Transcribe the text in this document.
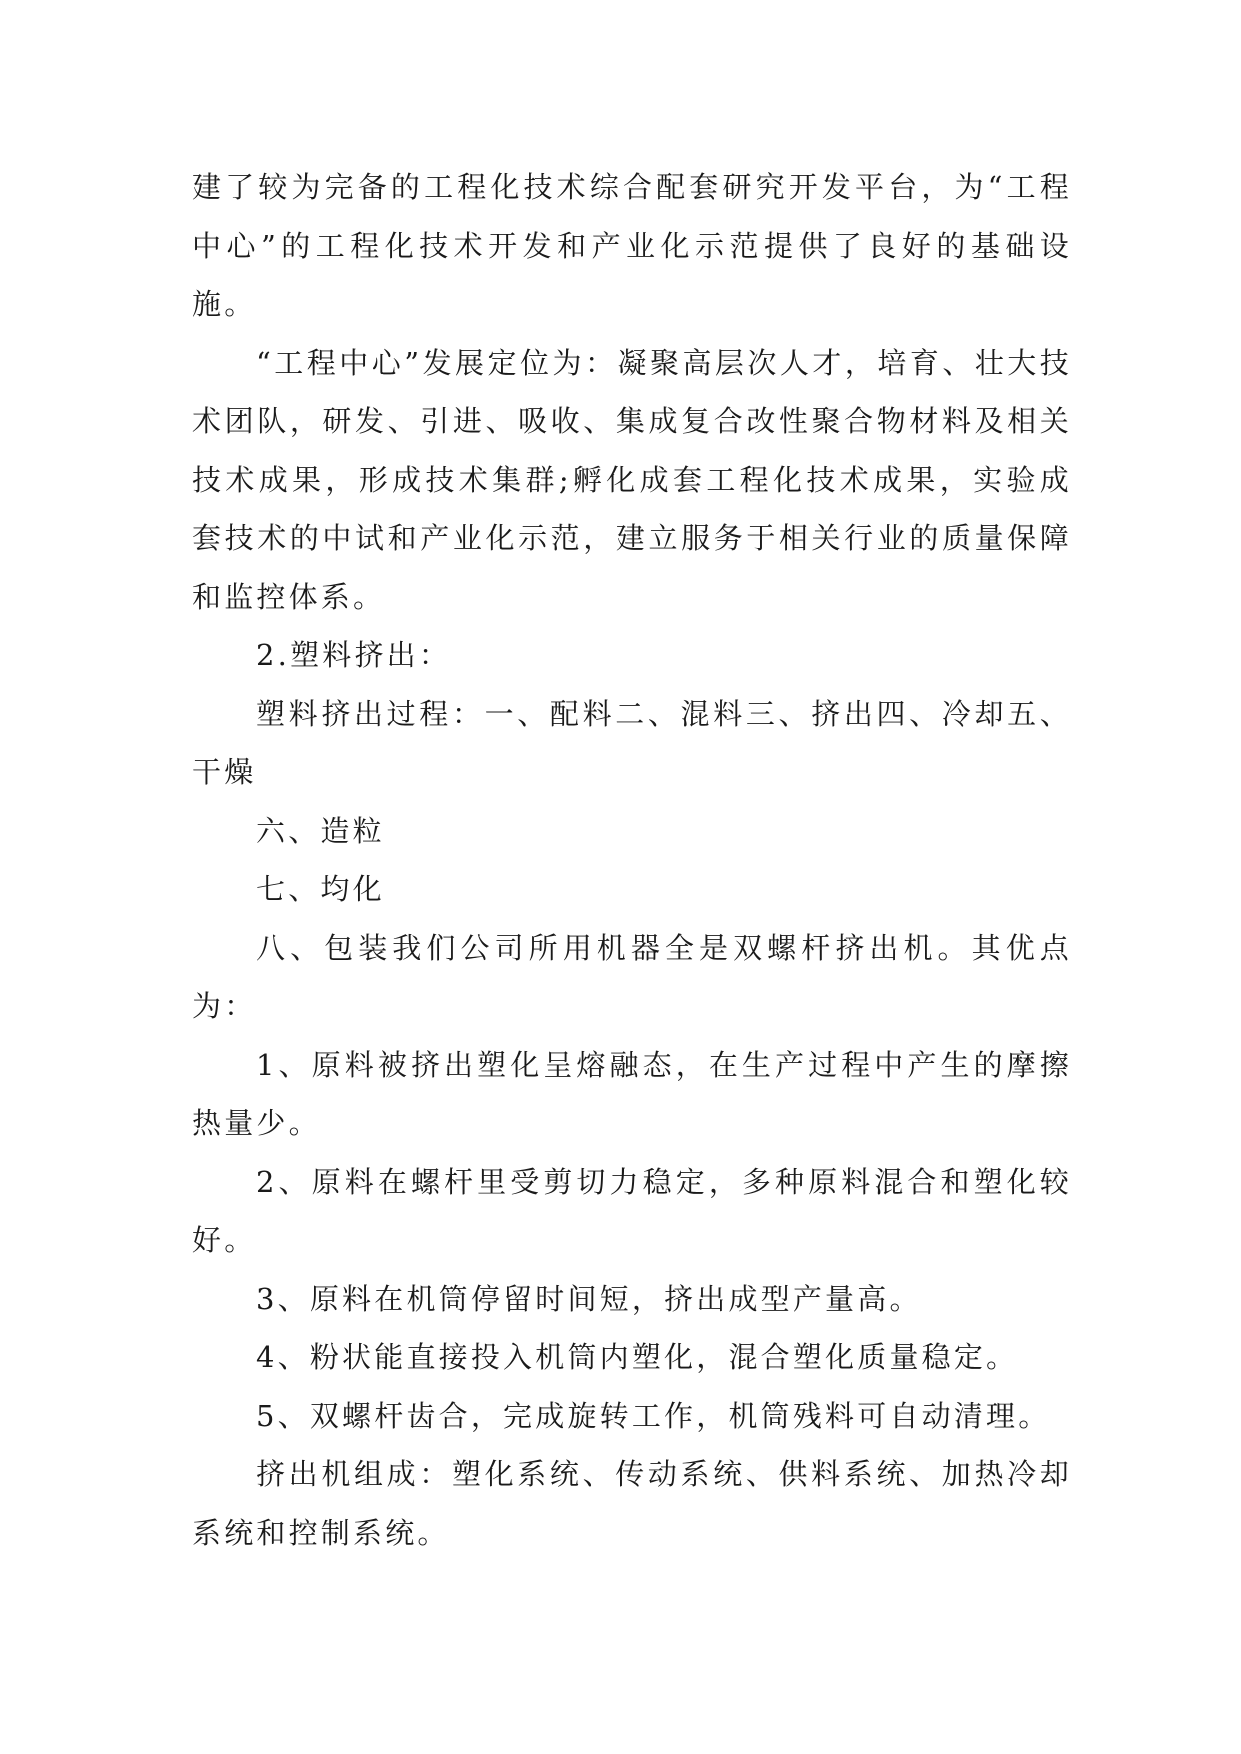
建了较为完备的工程化技术综合配套研究开发平台，为“工程中心”的工程化技术开发和产业化示范提供了良好的基础设施。

“工程中心”发展定位为：凝聚高层次人才，培育、壮大技术团队，研发、引进、吸收、集成复合改性聚合物材料及相关技术成果，形成技术集群;孵化成套工程化技术成果，实验成套技术的中试和产业化示范，建立服务于相关行业的质量保障和监控体系。

2.塑料挤出：

塑料挤出过程：一、配料二、混料三、挤出四、冷却五、干燥

六、造粒

七、均化

八、包装我们公司所用机器全是双螺杆挤出机。其优点为：

1、原料被挤出塑化呈熔融态，在生产过程中产生的摩擦热量少。

2、原料在螺杆里受剪切力稳定，多种原料混合和塑化较好。

3、原料在机筒停留时间短，挤出成型产量高。

4、粉状能直接投入机筒内塑化，混合塑化质量稳定。

5、双螺杆齿合，完成旋转工作，机筒残料可自动清理。

挤出机组成：塑化系统、传动系统、供料系统、加热冷却系统和控制系统。
